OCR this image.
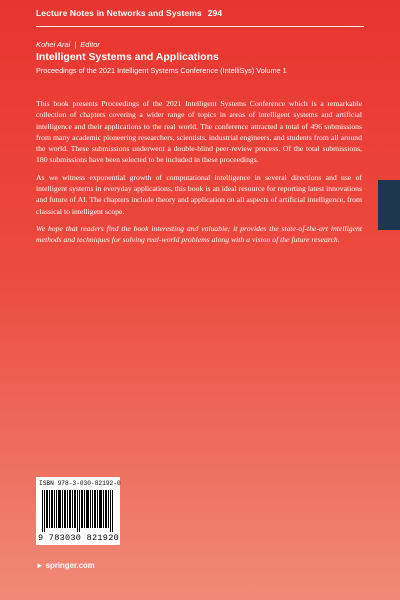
Lecture Notes in Networks and Systems 294
Kohei Arai | Editor
Intelligent Systems and Applications
Proceedings of the 2021 Intelligent Systems Conference (IntelliSys) Volume 1

This book presents Proceedings of the 2021 Intelligent Systems Conference which is a remarkable collection of chapters covering a wider range of topics in areas of intelligent systems and artificial intelligence and their applications to the real world. The conference attracted a total of 496 submissions from many academic pioneering researchers, scientists, industrial engineers, and students from all around the world. These submissions underwent a double-blind peer-review process. Of the total submissions, 180 submissions have been selected to be included in these proceedings.

As we witness exponential growth of computational intelligence in several directions and use of intelligent systems in everyday applications, this book is an ideal resource for reporting latest innovations and future of AI. The chapters include theory and application on all aspects of artificial intelligence, from classical to intelligent scope.

We hope that readers find the book interesting and valuable; it provides the state-of-the-art intelligent methods and techniques for solving real-world problems along with a vision of the future research.

ISBN 978-3-030-82192-0
9 783030 821920
► springer.com
